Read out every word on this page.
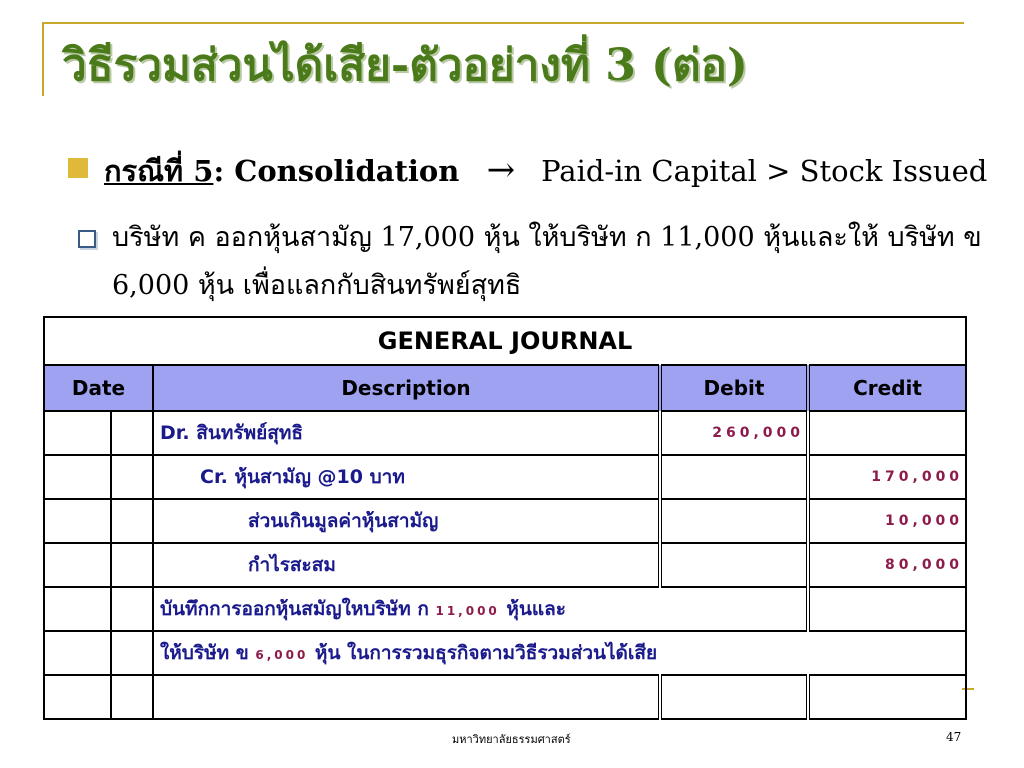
วิธีรวมส่วนได้เสีย-ตัวอย่างที่ 3 (ต่อ)
กรณีที่ 5: Consolidation → Paid-in Capital > Stock Issued
บริษัท ค ออกหุ้นสามัญ 17,000 หุ้น ให้บริษัท ก 11,000 หุ้นและให้ บริษัท ข 6,000 หุ้น เพื่อแลกกับสินทรัพย์สุทธิ
GENERAL JOURNAL				
Date		Description	Debit	Credit
		Dr. สินทรัพย์สุทธิ	260,000	
		Cr. หุ้นสามัญ @10 บาท		170,000
		ส่วนเกินมูลค่าหุ้นสามัญ		10,000
		กำไรสะสม		80,000
		บันทึกการออกหุ้นสมัญใหบริษัท ก 11,000 หุ้นและ		
		ให้บริษัท ข 6,000 หุ้น ในการรวมธุรกิจตามวิธีรวมส่วนได้เสีย		

มหาวิทยาลัยธรรมศาสตร์	47
